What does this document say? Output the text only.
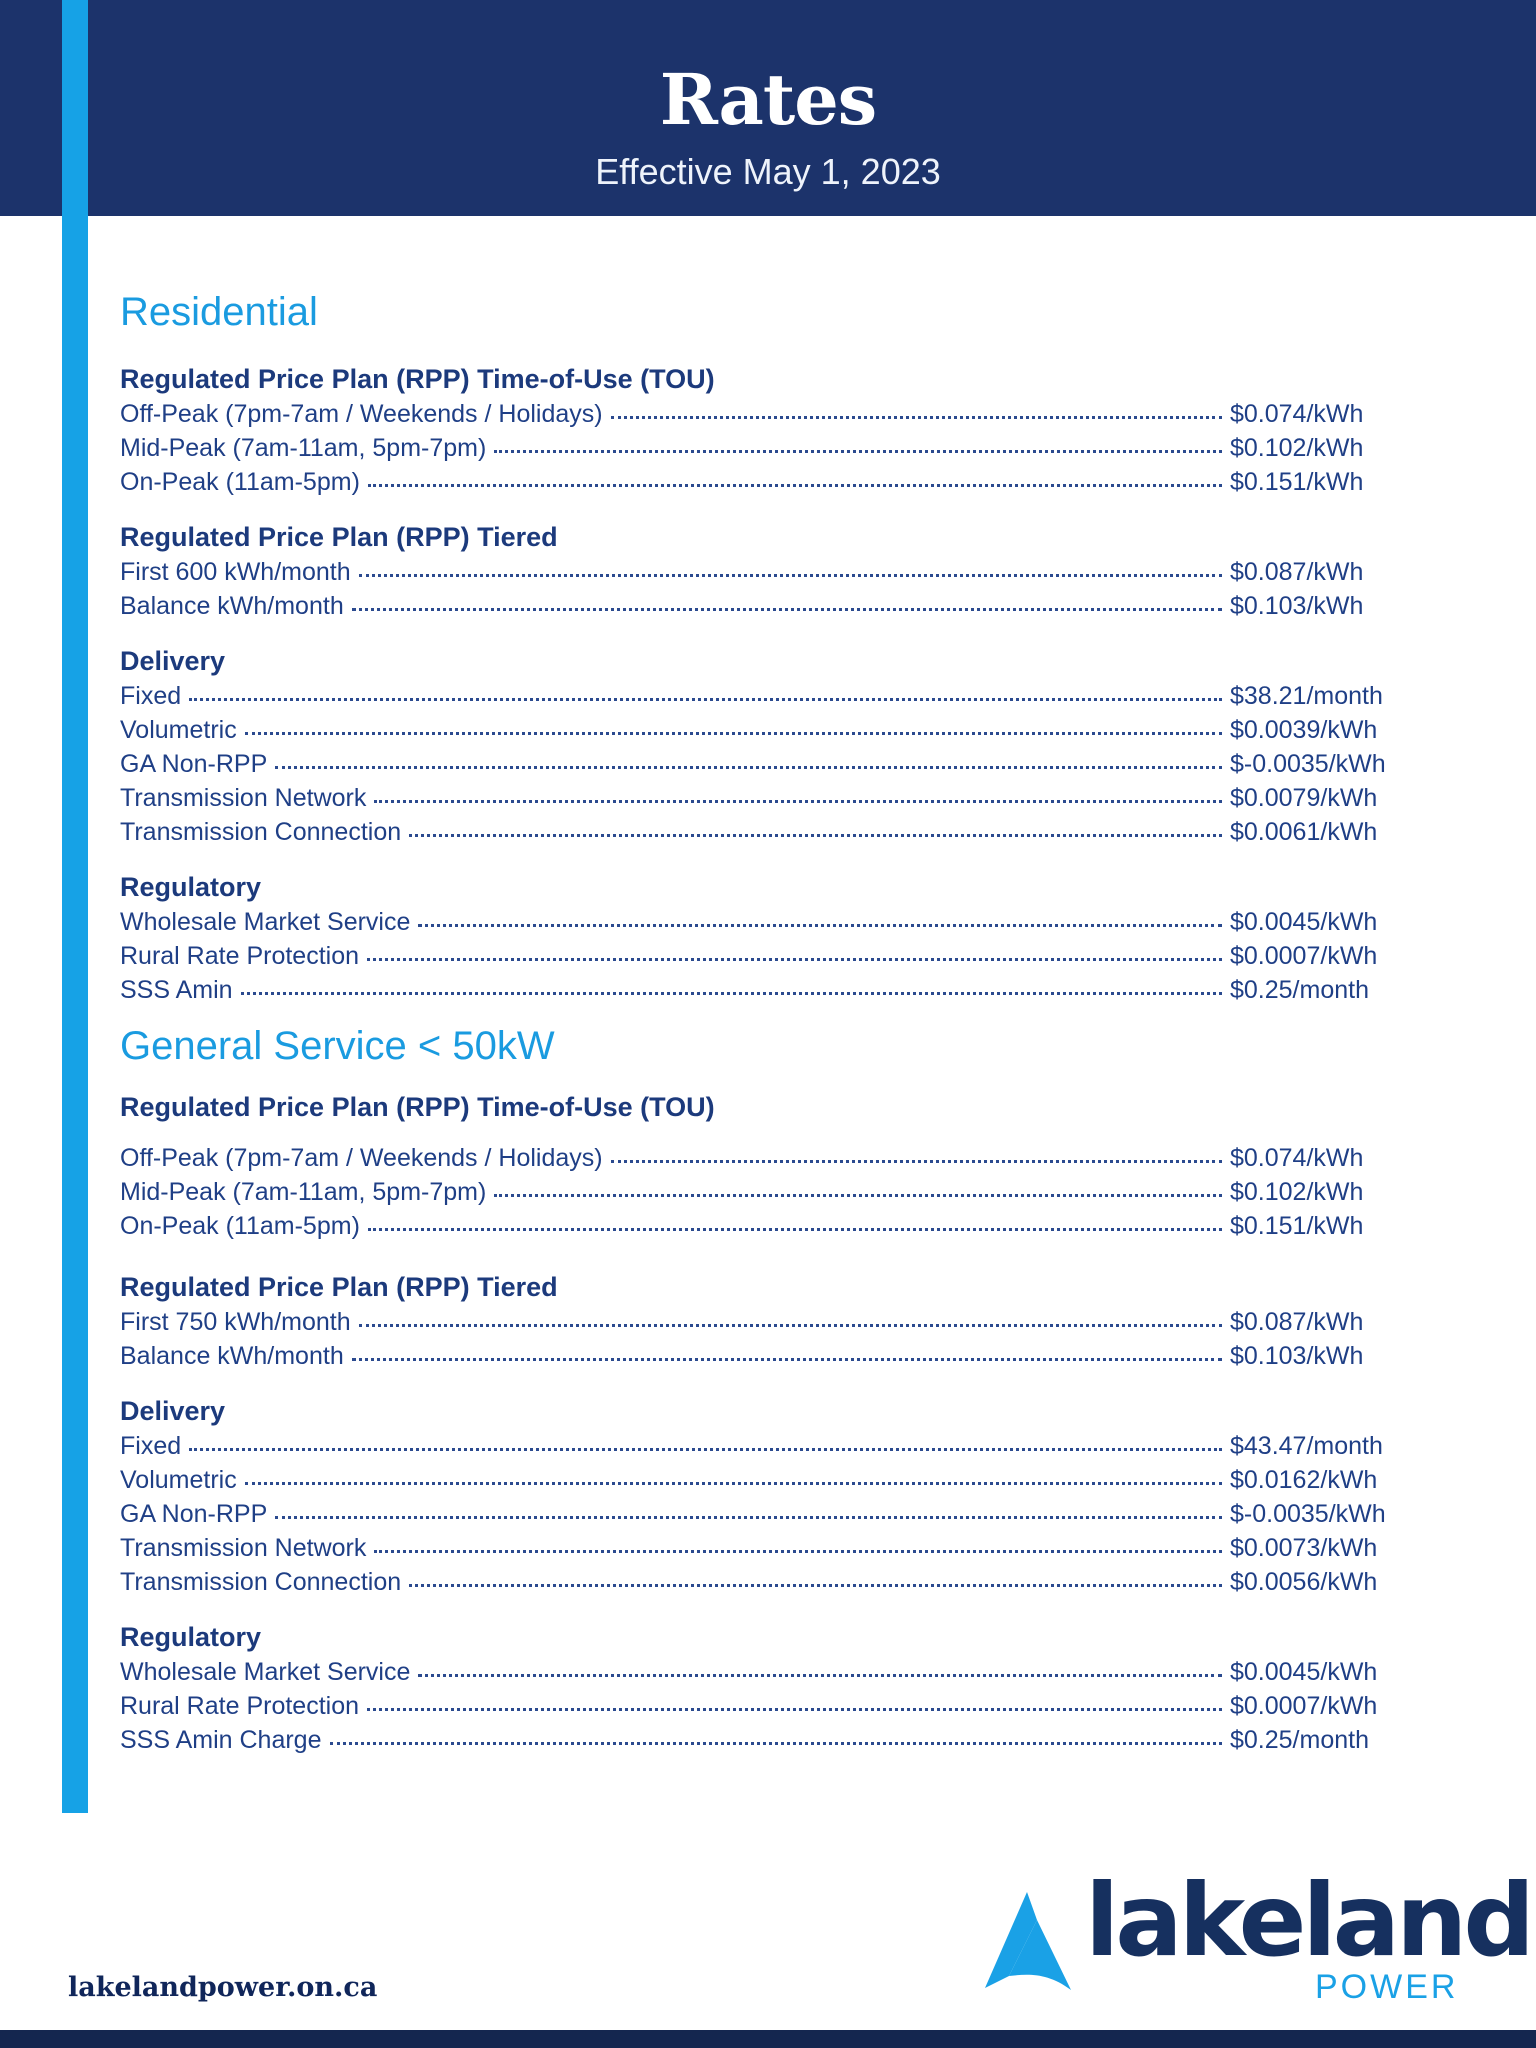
Rates
Effective May 1, 2023
Residential
Regulated Price Plan (RPP) Time-of-Use (TOU)
Off-Peak (7pm-7am / Weekends / Holidays)	$0.074/kWh
Mid-Peak (7am-11am, 5pm-7pm)	$0.102/kWh
On-Peak (11am-5pm)	$0.151/kWh
Regulated Price Plan (RPP) Tiered
First 600 kWh/month	$0.087/kWh
Balance kWh/month	$0.103/kWh
Delivery
Fixed	$38.21/month
Volumetric	$0.0039/kWh
GA Non-RPP	$-0.0035/kWh
Transmission Network	$0.0079/kWh
Transmission Connection	$0.0061/kWh
Regulatory
Wholesale Market Service	$0.0045/kWh
Rural Rate Protection	$0.0007/kWh
SSS Amin	$0.25/month
General Service < 50kW
Regulated Price Plan (RPP) Time-of-Use (TOU)
Off-Peak (7pm-7am / Weekends / Holidays)	$0.074/kWh
Mid-Peak (7am-11am, 5pm-7pm)	$0.102/kWh
On-Peak (11am-5pm)	$0.151/kWh
Regulated Price Plan (RPP) Tiered
First 750 kWh/month	$0.087/kWh
Balance kWh/month	$0.103/kWh
Delivery
Fixed	$43.47/month
Volumetric	$0.0162/kWh
GA Non-RPP	$-0.0035/kWh
Transmission Network	$0.0073/kWh
Transmission Connection	$0.0056/kWh
Regulatory
Wholesale Market Service	$0.0045/kWh
Rural Rate Protection	$0.0007/kWh
SSS Amin Charge	$0.25/month
lakelandpower.on.ca
lakeland
POWER
